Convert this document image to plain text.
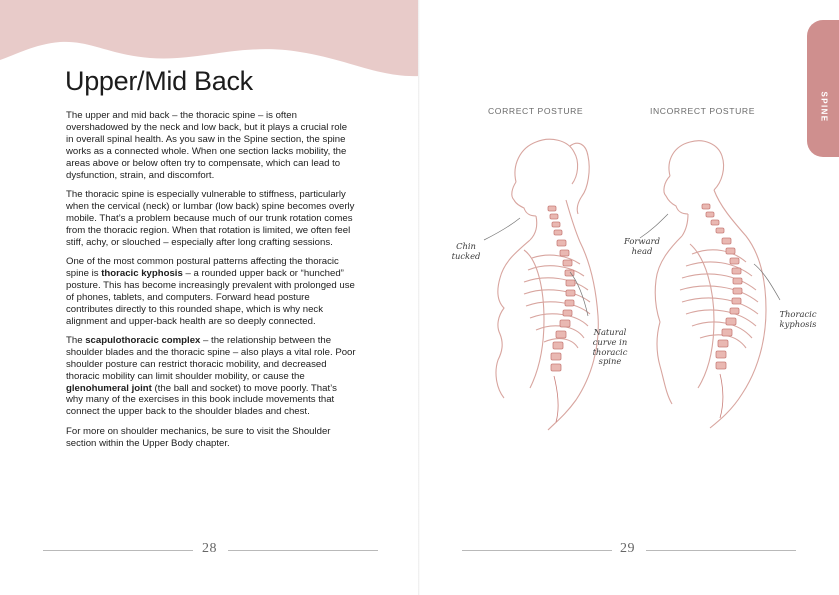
Upper/Mid Back

The upper and mid back – the thoracic spine – is often overshadowed by the neck and low back, but it plays a crucial role in overall spinal health. As you saw in the Spine section, the spine works as a connected whole. When one section lacks mobility, the areas above or below often try to compensate, which can lead to dysfunction, strain, and discomfort.

The thoracic spine is especially vulnerable to stiffness, particularly when the cervical (neck) or lumbar (low back) spine becomes overly mobile. That’s a problem because much of our trunk rotation comes from the thoracic region. When that rotation is limited, we often feel stiff, achy, or slouched – especially after long crafting sessions.

One of the most common postural patterns affecting the thoracic spine is thoracic kyphosis – a rounded upper back or “hunched” posture. This has become increasingly prevalent with prolonged use of phones, tablets, and computers. Forward head posture contributes directly to this rounded shape, which is why neck alignment and upper-back health are so deeply connected.

The scapulothoracic complex – the relationship between the shoulder blades and the thoracic spine – also plays a vital role. Poor shoulder posture can restrict thoracic mobility, and decreased thoracic mobility can limit shoulder mobility, or cause the glenohumeral joint (the ball and socket) to move poorly. That’s why many of the exercises in this book include movements that connect the upper back to the shoulder blades and chest.

For more on shoulder mechanics, be sure to visit the Shoulder section within the Upper Body chapter.

28
SPINE
CORRECT POSTURE	INCORRECT POSTURE
Chin tucked
Natural curve in thoracic spine
Forward head
Thoracic kyphosis
29
